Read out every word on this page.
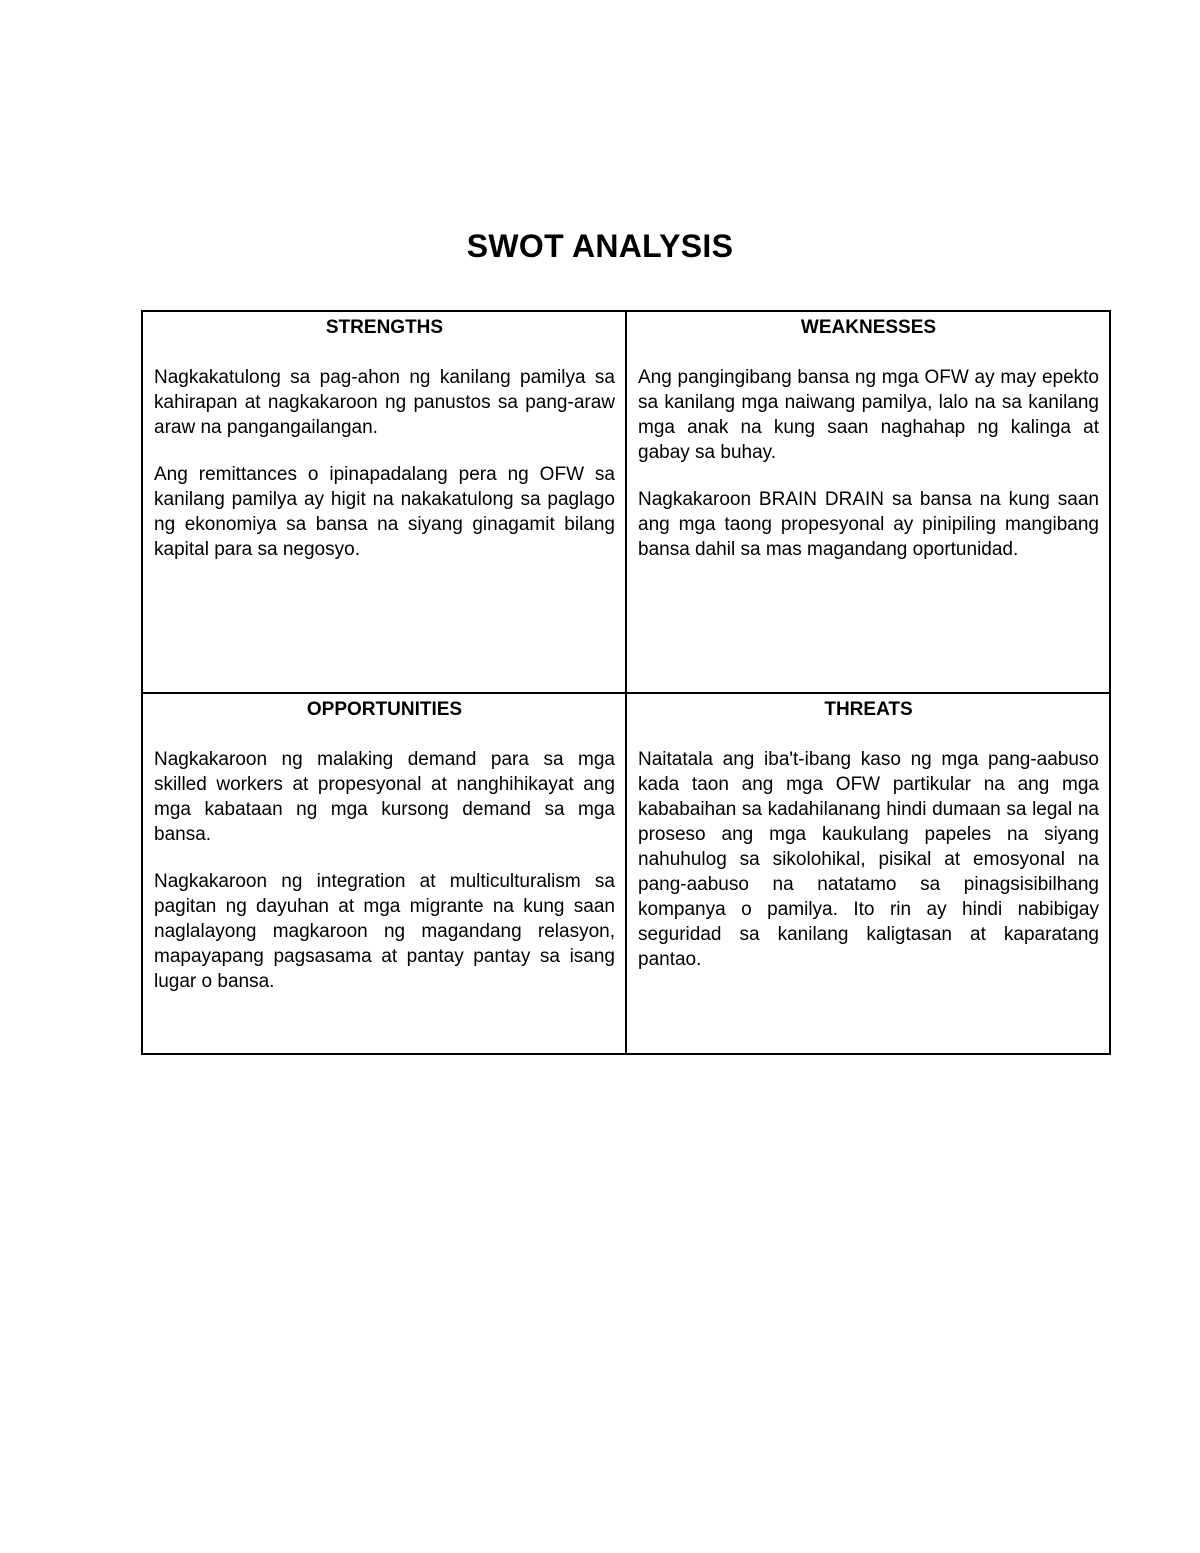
SWOT ANALYSIS
STRENGTHS

Nagkakatulong sa pag-ahon ng kanilang pamilya sa kahirapan at nagkakaroon ng panustos sa pang-araw araw na pangangailangan.

Ang remittances o ipinapadalang pera ng OFW sa kanilang pamilya ay higit na nakakatulong sa paglago ng ekonomiya sa bansa na siyang ginagamit bilang kapital para sa negosyo.

WEAKNESSES

Ang pangingibang bansa ng mga OFW ay may epekto sa kanilang mga naiwang pamilya, lalo na sa kanilang mga anak na kung saan naghahap ng kalinga at gabay sa buhay.

Nagkakaroon BRAIN DRAIN sa bansa na kung saan ang mga taong propesyonal ay pinipiling mangibang bansa dahil sa mas magandang oportunidad.

OPPORTUNITIES

Nagkakaroon ng malaking demand para sa mga skilled workers at propesyonal at nanghihikayat ang mga kabataan ng mga kursong demand sa mga bansa.

Nagkakaroon ng integration at multiculturalism sa pagitan ng dayuhan at mga migrante na kung saan naglalayong magkaroon ng magandang relasyon, mapayapang pagsasama at pantay pantay sa isang lugar o bansa.

THREATS

Naitatala ang iba't-ibang kaso ng mga pang-aabuso kada taon ang mga OFW partikular na ang mga kababaihan sa kadahilanang hindi dumaan sa legal na proseso ang mga kaukulang papeles na siyang nahuhulog sa sikolohikal, pisikal at emosyonal na pang-aabuso na natatamo sa pinagsisibilhang kompanya o pamilya. Ito rin ay hindi nabibigay seguridad sa kanilang kaligtasan at kaparatang pantao.
